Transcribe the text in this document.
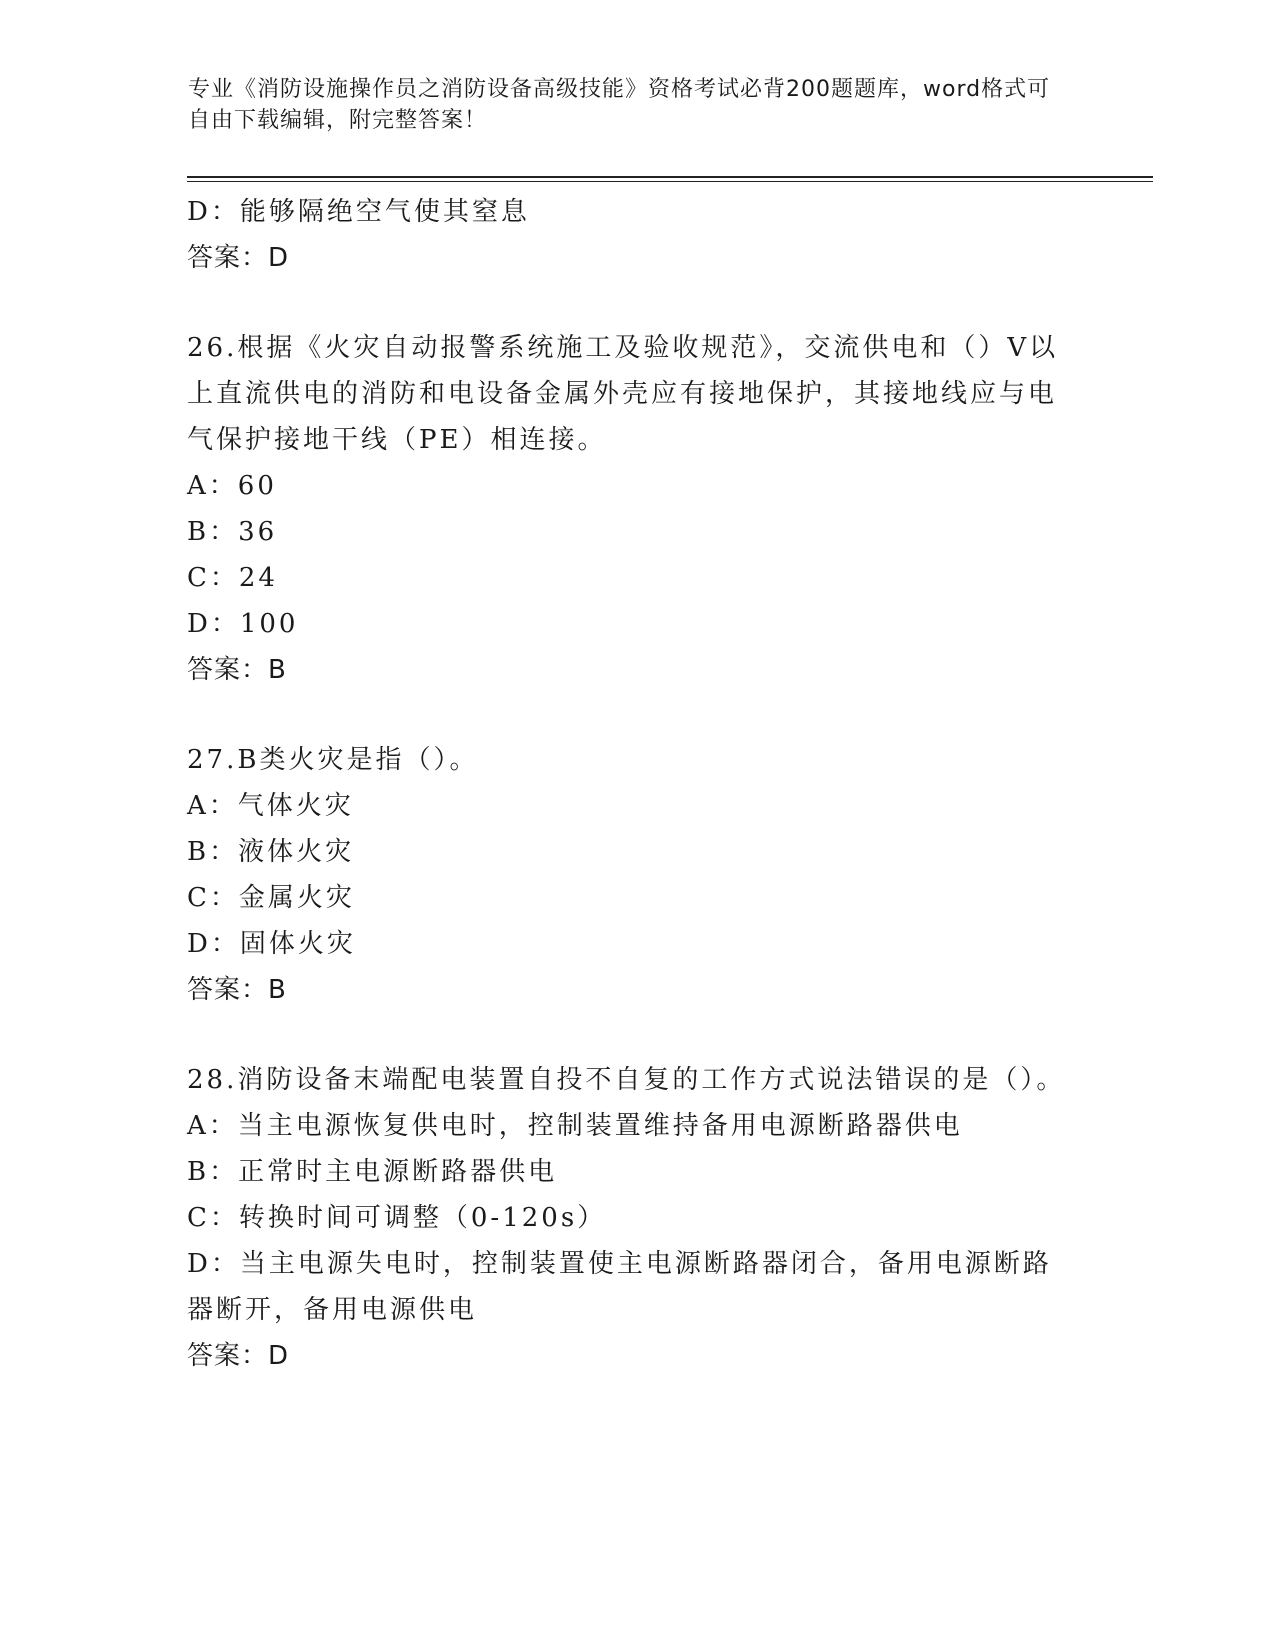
专业《消防设施操作员之消防设备高级技能》资格考试必背200题题库，word格式可自由下载编辑，附完整答案！
D：能够隔绝空气使其窒息
答案：D
26.根据《火灾自动报警系统施工及验收规范》，交流供电和（）V以上直流供电的消防和电设备金属外壳应有接地保护，其接地线应与电气保护接地干线（PE）相连接。
A：60
B：36
C：24
D：100
答案：B
27.B类火灾是指（）。
A：气体火灾
B：液体火灾
C：金属火灾
D：固体火灾
答案：B
28.消防设备末端配电装置自投不自复的工作方式说法错误的是（）。
A：当主电源恢复供电时，控制装置维持备用电源断路器供电
B：正常时主电源断路器供电
C：转换时间可调整（0-120s）
D：当主电源失电时，控制装置使主电源断路器闭合，备用电源断路器断开，备用电源供电
答案：D
